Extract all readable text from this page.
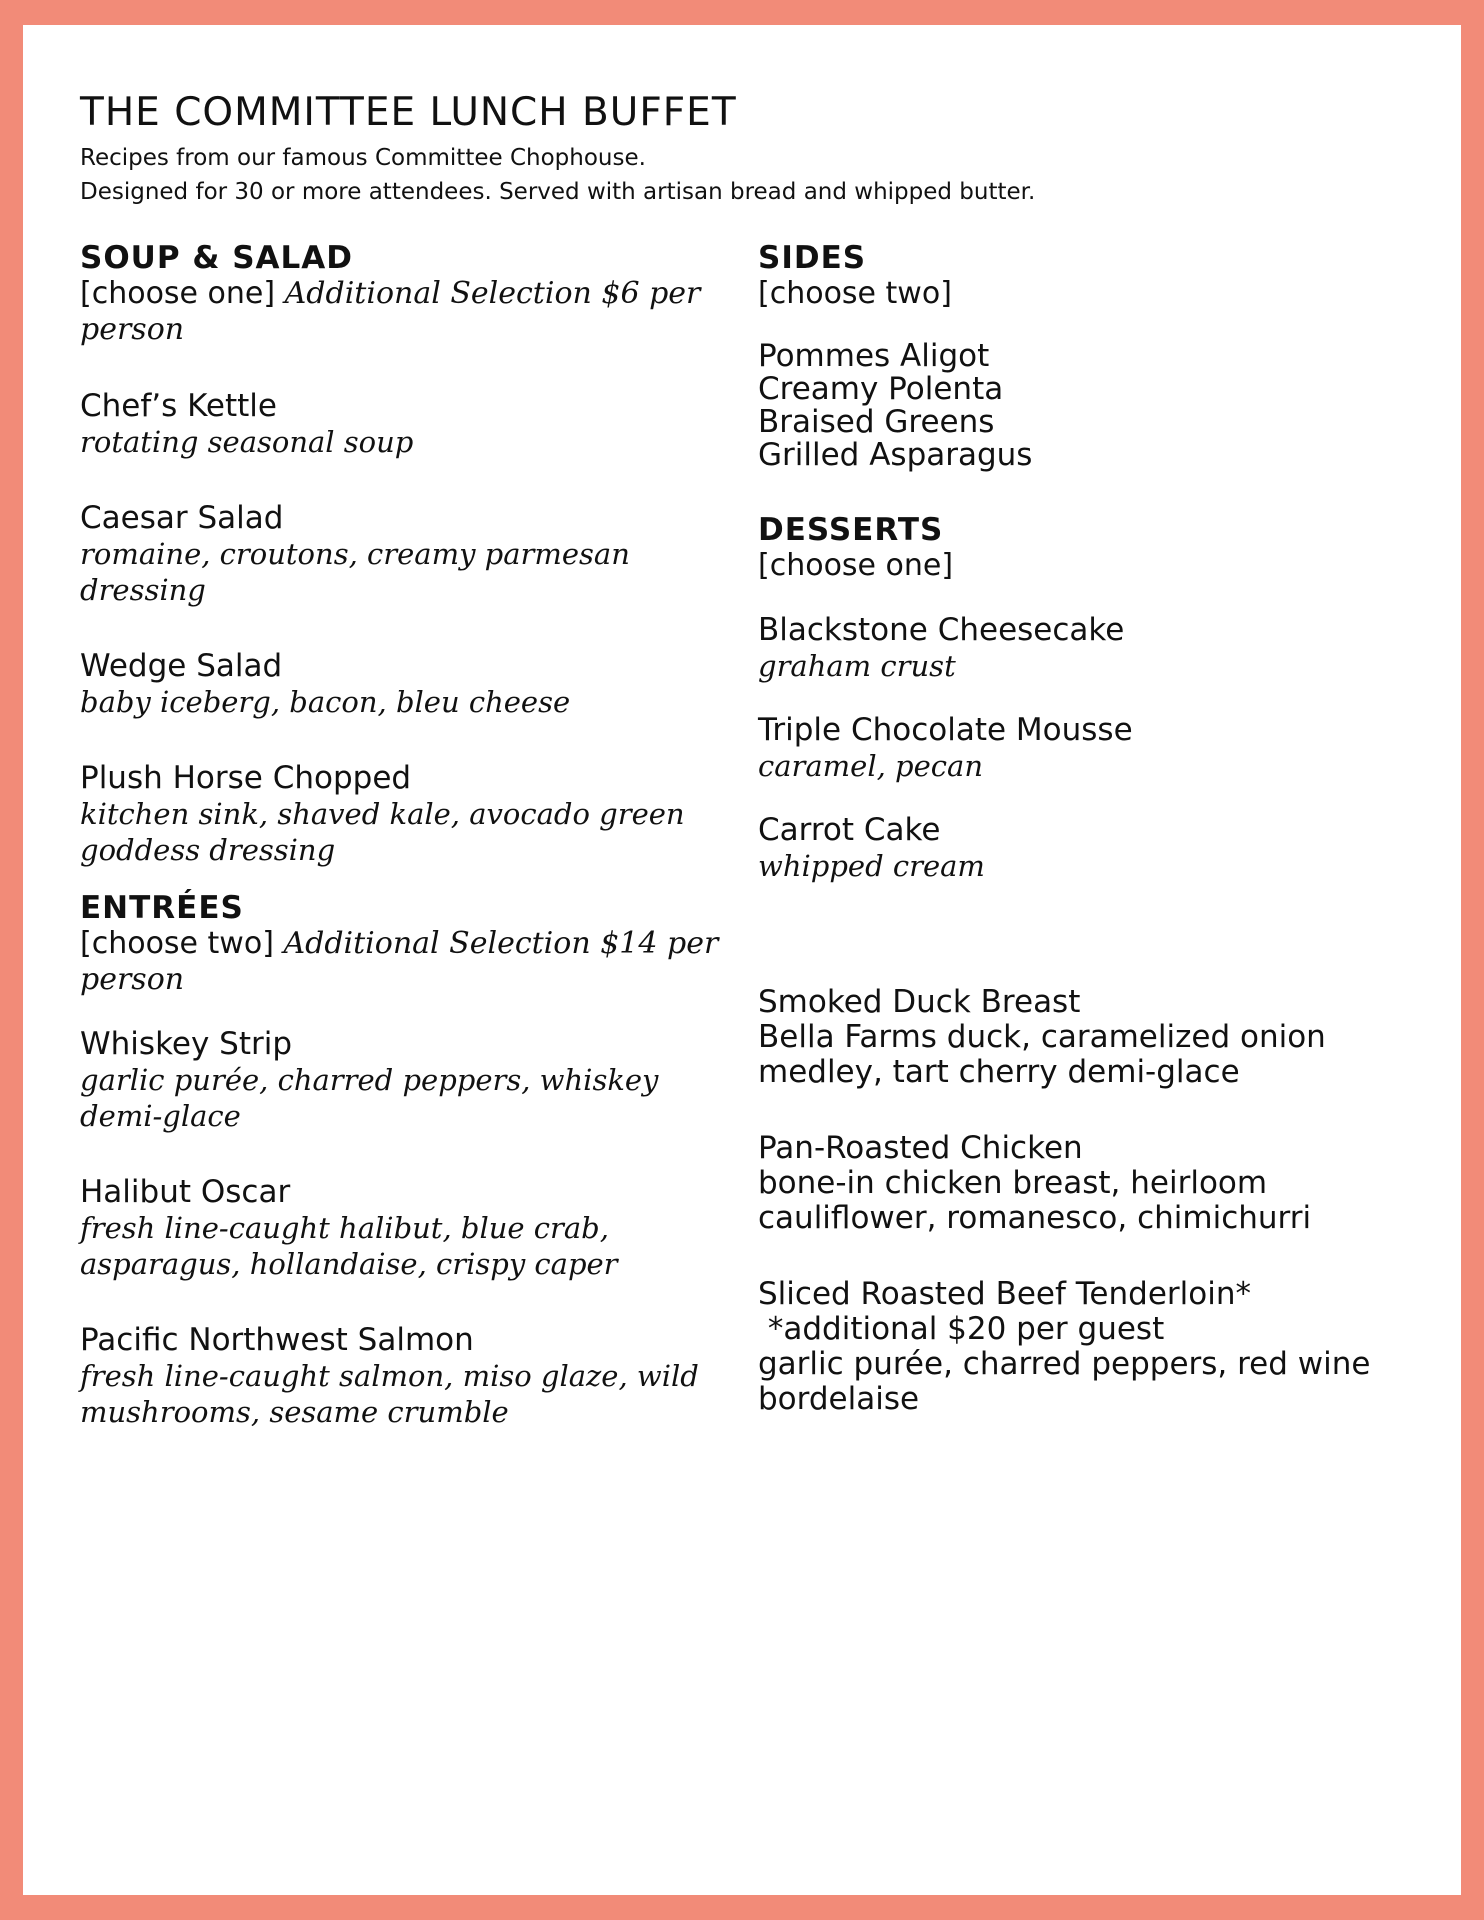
THE COMMITTEE LUNCH BUFFET
Recipes from our famous Committee Chophouse.
Designed for 30 or more attendees. Served with artisan bread and whipped butter.
SOUP & SALAD
[choose one] Additional Selection $6 per person
Chef’s Kettle
rotating seasonal soup
Caesar Salad
romaine, croutons, creamy parmesan dressing
Wedge Salad
baby iceberg, bacon, bleu cheese
Plush Horse Chopped
kitchen sink, shaved kale, avocado green goddess dressing
ENTRÉES
[choose two] Additional Selection $14 per person
Whiskey Strip
garlic purée, charred peppers, whiskey demi-glace
Halibut Oscar
fresh line-caught halibut, blue crab, asparagus, hollandaise, crispy caper
Pacific Northwest Salmon
fresh line-caught salmon, miso glaze, wild mushrooms, sesame crumble
SIDES
[choose two]
Pommes Aligot
Creamy Polenta
Braised Greens
Grilled Asparagus
DESSERTS
[choose one]
Blackstone Cheesecake
graham crust
Triple Chocolate Mousse
caramel, pecan
Carrot Cake
whipped cream
Smoked Duck Breast
Bella Farms duck, caramelized onion medley, tart cherry demi-glace
Pan-Roasted Chicken
bone-in chicken breast, heirloom cauliflower, romanesco, chimichurri
Sliced Roasted Beef Tenderloin*
*additional $20 per guest
garlic purée, charred peppers, red wine bordelaise
